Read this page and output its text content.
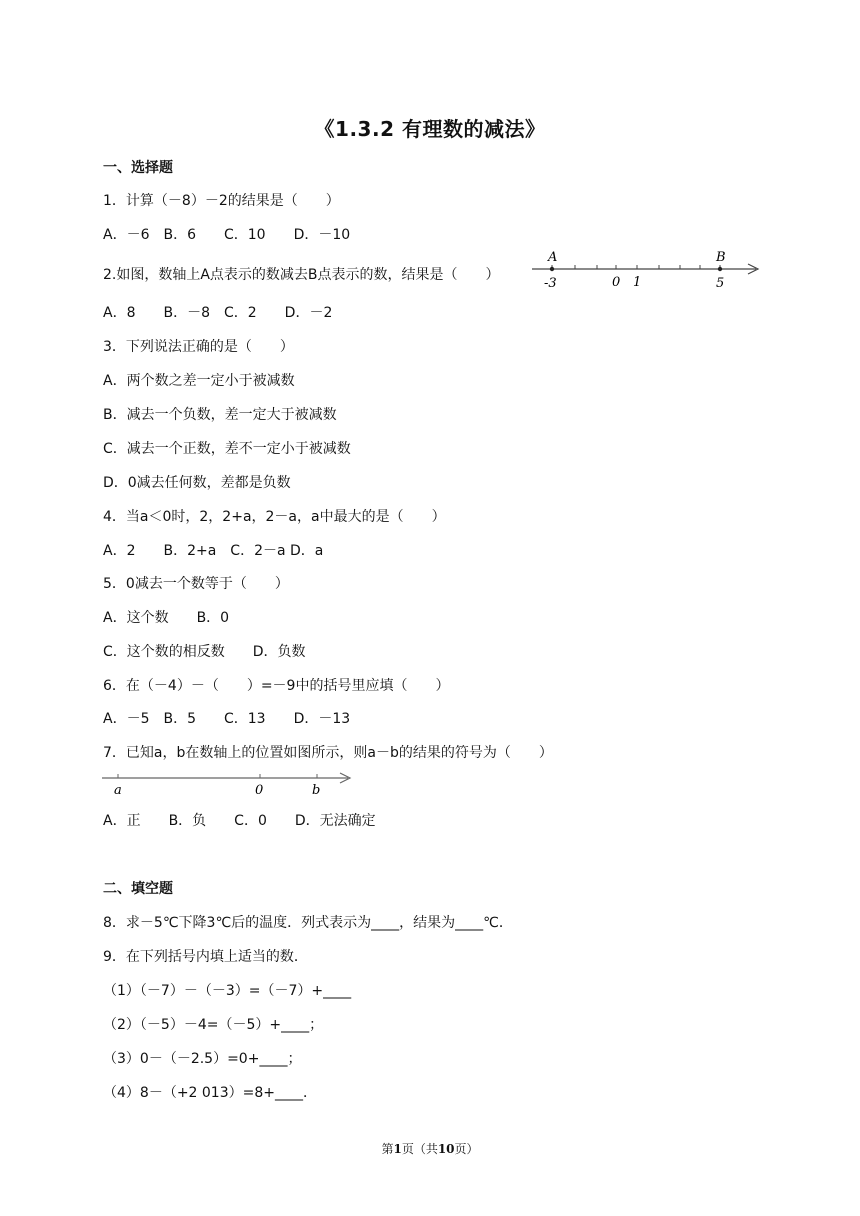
《1.3.2 有理数的减法》
一、选择题
1．计算（－8）－2的结果是（　　）
A．－6　B．6　　C．10　　D．－10
2.如图，数轴上A点表示的数减去B点表示的数，结果是（　　）
A	B
-3	0 1	5
A．8　　B．－8　C．2　　D．－2
3．下列说法正确的是（　　）
A．两个数之差一定小于被减数
B．减去一个负数，差一定大于被减数
C．减去一个正数，差不一定小于被减数
D．0减去任何数，差都是负数
4．当a＜0时，2，2+a，2－a，a中最大的是（　　）
A．2　　B．2+a　C．2－a D．a
5．0减去一个数等于（　　）
A．这个数　　B．0
C．这个数的相反数　　D．负数
6．在（－4）－（　　）=－9中的括号里应填（　　）
A．－5　B．5　　C．13　　D．－13
7．已知a，b在数轴上的位置如图所示，则a－b的结果的符号为（　　）
a	0	b
A．正　　B．负　　C．0　　D．无法确定
二、填空题
8．求－5℃下降3℃后的温度．列式表示为____，结果为____℃．
9．在下列括号内填上适当的数．
（1）（－7）－（－3）=（－7）+____
（2）（－5）－4=（－5）+____；
（3）0－（－2.5）=0+____；
（4）8－（+2 013）=8+____．
第1页（共10页）
